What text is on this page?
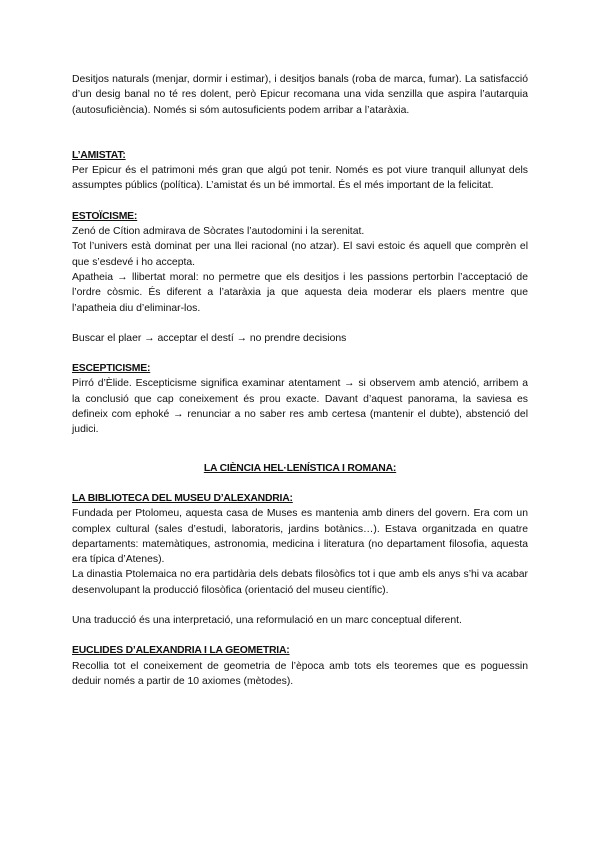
Desitjos naturals (menjar, dormir i estimar), i desitjos banals (roba de marca, fumar). La satisfacció d’un desig banal no té res dolent, però Epicur recomana una vida senzilla que aspira l’autarquia (autosuficiència). Només si sóm autosuficients podem arribar a l’ataràxia.

L’AMISTAT:

Per Epicur és el patrimoni més gran que algú pot tenir. Només es pot viure tranquil allunyat dels assumptes públics (política). L’amistat és un bé immortal. És el més important de la felicitat.

ESTOÏCISME:

Zenó de Cítion admirava de Sòcrates l’autodomini i la serenitat.

Tot l’univers està dominat per una llei racional (no atzar). El savi estoic és aquell que comprèn el que s’esdevé i ho accepta.

Apatheia → llibertat moral: no permetre que els desitjos i les passions pertorbin l’acceptació de l’ordre còsmic. És diferent a l’ataràxia ja que aquesta deia moderar els plaers mentre que l’apatheia diu d’eliminar-los.

Buscar el plaer → acceptar el destí → no prendre decisions

ESCEPTICISME:

Pirró d’Èlide. Escepticisme significa examinar atentament → si observem amb atenció, arribem a la conclusió que cap coneixement és prou exacte. Davant d’aquest panorama, la saviesa es defineix com ephoké → renunciar a no saber res amb certesa (mantenir el dubte), abstenció del judici.

LA CIÈNCIA HEL·LENÍSTICA I ROMANA:
LA BIBLIOTECA DEL MUSEU D’ALEXANDRIA:

Fundada per Ptolomeu, aquesta casa de Muses es mantenia amb diners del govern. Era com un complex cultural (sales d’estudi, laboratoris, jardins botànics…). Estava organitzada en quatre departaments: matemàtiques, astronomia, medicina i literatura (no departament filosofia, aquesta era típica d’Atenes).

La dinastia Ptolemaica no era partidària dels debats filosòfics tot i que amb els anys s’hi va acabar desenvolupant la producció filosòfica (orientació del museu científic).

Una traducció és una interpretació, una reformulació en un marc conceptual diferent.

EUCLIDES D’ALEXANDRIA I LA GEOMETRIA:

Recollia tot el coneixement de geometria de l’època amb tots els teoremes que es poguessin deduir només a partir de 10 axiomes (mètodes).
